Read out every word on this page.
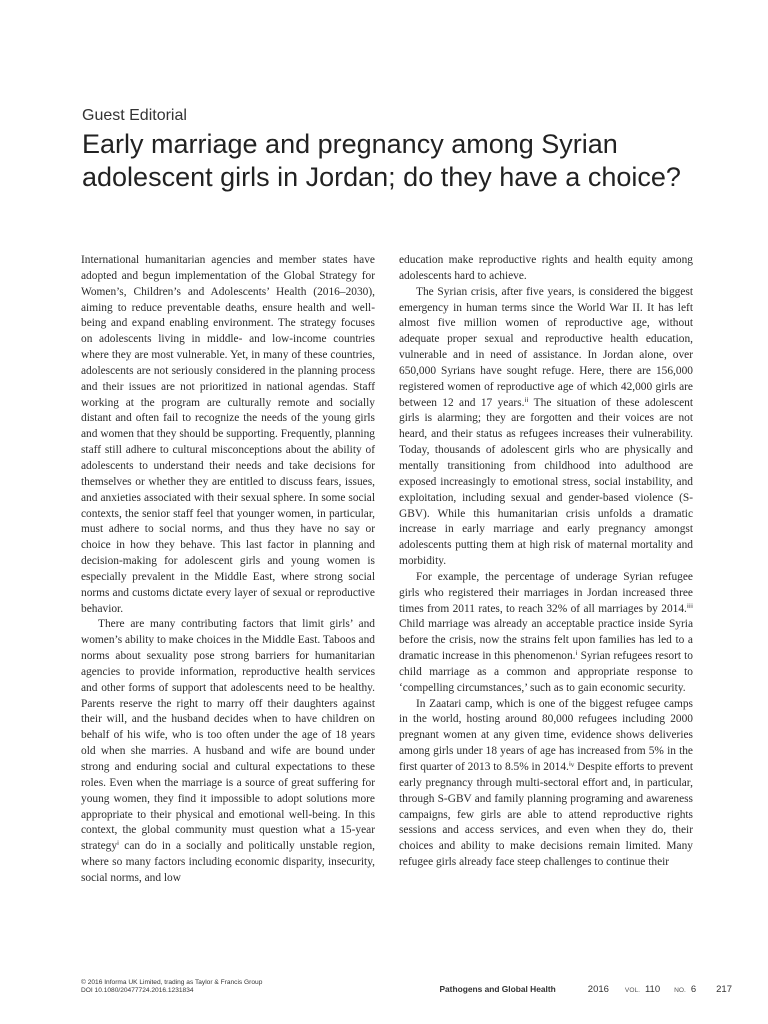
Guest Editorial
Early marriage and pregnancy among Syrian adolescent girls in Jordan; do they have a choice?

International humanitarian agencies and member states have adopted and begun implementation of the Global Strategy for Women’s, Children’s and Adolescents’ Health (2016–2030), aiming to reduce preventable deaths, ensure health and well-being and expand enabling environment. The strategy focuses on adolescents living in middle- and low-income countries where they are most vulnerable. Yet, in many of these countries, adolescents are not seriously considered in the planning process and their issues are not prioritized in national agendas. Staff working at the program are culturally remote and socially distant and often fail to recognize the needs of the young girls and women that they should be supporting. Frequently, planning staff still adhere to cultural misconceptions about the ability of adolescents to understand their needs and take decisions for themselves or whether they are entitled to discuss fears, issues, and anxieties associated with their sexual sphere. In some social contexts, the senior staff feel that younger women, in particular, must adhere to social norms, and thus they have no say or choice in how they behave. This last factor in planning and decision-making for adolescent girls and young women is especially prevalent in the Middle East, where strong social norms and customs dictate every layer of sexual or reproductive behavior.

There are many contributing factors that limit girls’ and women’s ability to make choices in the Middle East. Taboos and norms about sexuality pose strong barriers for humanitarian agencies to provide information, reproductive health services and other forms of support that adolescents need to be healthy. Parents reserve the right to marry off their daughters against their will, and the husband decides when to have children on behalf of his wife, who is too often under the age of 18 years old when she marries. A husband and wife are bound under strong and enduring social and cultural expectations to these roles. Even when the marriage is a source of great suffering for young women, they find it impossible to adopt solutions more appropriate to their physical and emotional well-being. In this context, the global community must question what a 15-year strategyⁱ can do in a socially and politically unstable region, where so many factors including economic disparity, insecurity, social norms, and low

education make reproductive rights and health equity among adolescents hard to achieve.

The Syrian crisis, after five years, is considered the biggest emergency in human terms since the World War II. It has left almost five million women of reproductive age, without adequate proper sexual and reproductive health education, vulnerable and in need of assistance. In Jordan alone, over 650,000 Syrians have sought refuge. Here, there are 156,000 registered women of reproductive age of which 42,000 girls are between 12 and 17 years.ⁱⁱ The situation of these adolescent girls is alarming; they are forgotten and their voices are not heard, and their status as refugees increases their vulnerability. Today, thousands of adolescent girls who are physically and mentally transitioning from childhood into adulthood are exposed increasingly to emotional stress, social instability, and exploitation, including sexual and gender-based violence (S-GBV). While this humanitarian crisis unfolds a dramatic increase in early marriage and early pregnancy amongst adolescents putting them at high risk of maternal mortality and morbidity.

For example, the percentage of underage Syrian refugee girls who registered their marriages in Jordan increased three times from 2011 rates, to reach 32% of all marriages by 2014.ⁱⁱⁱ Child marriage was already an acceptable practice inside Syria before the crisis, now the strains felt upon families has led to a dramatic increase in this phenomenon.ⁱ Syrian refugees resort to child marriage as a common and appropriate response to ‘compelling circumstances,’ such as to gain economic security.

In Zaatari camp, which is one of the biggest refugee camps in the world, hosting around 80,000 refugees including 2000 pregnant women at any given time, evidence shows deliveries among girls under 18 years of age has increased from 5% in the first quarter of 2013 to 8.5% in 2014.ⁱᵛ Despite efforts to prevent early pregnancy through multi-sectoral effort and, in particular, through S-GBV and family planning programing and awareness campaigns, few girls are able to attend reproductive rights sessions and access services, and even when they do, their choices and ability to make decisions remain limited. Many refugee girls already face steep challenges to continue their

© 2016 Informa UK Limited, trading as Taylor & Francis Group
DOI 10.1080/20477724.2016.1231834	Pathogens and Global Health	2016 VOL. 110 NO. 6 217
